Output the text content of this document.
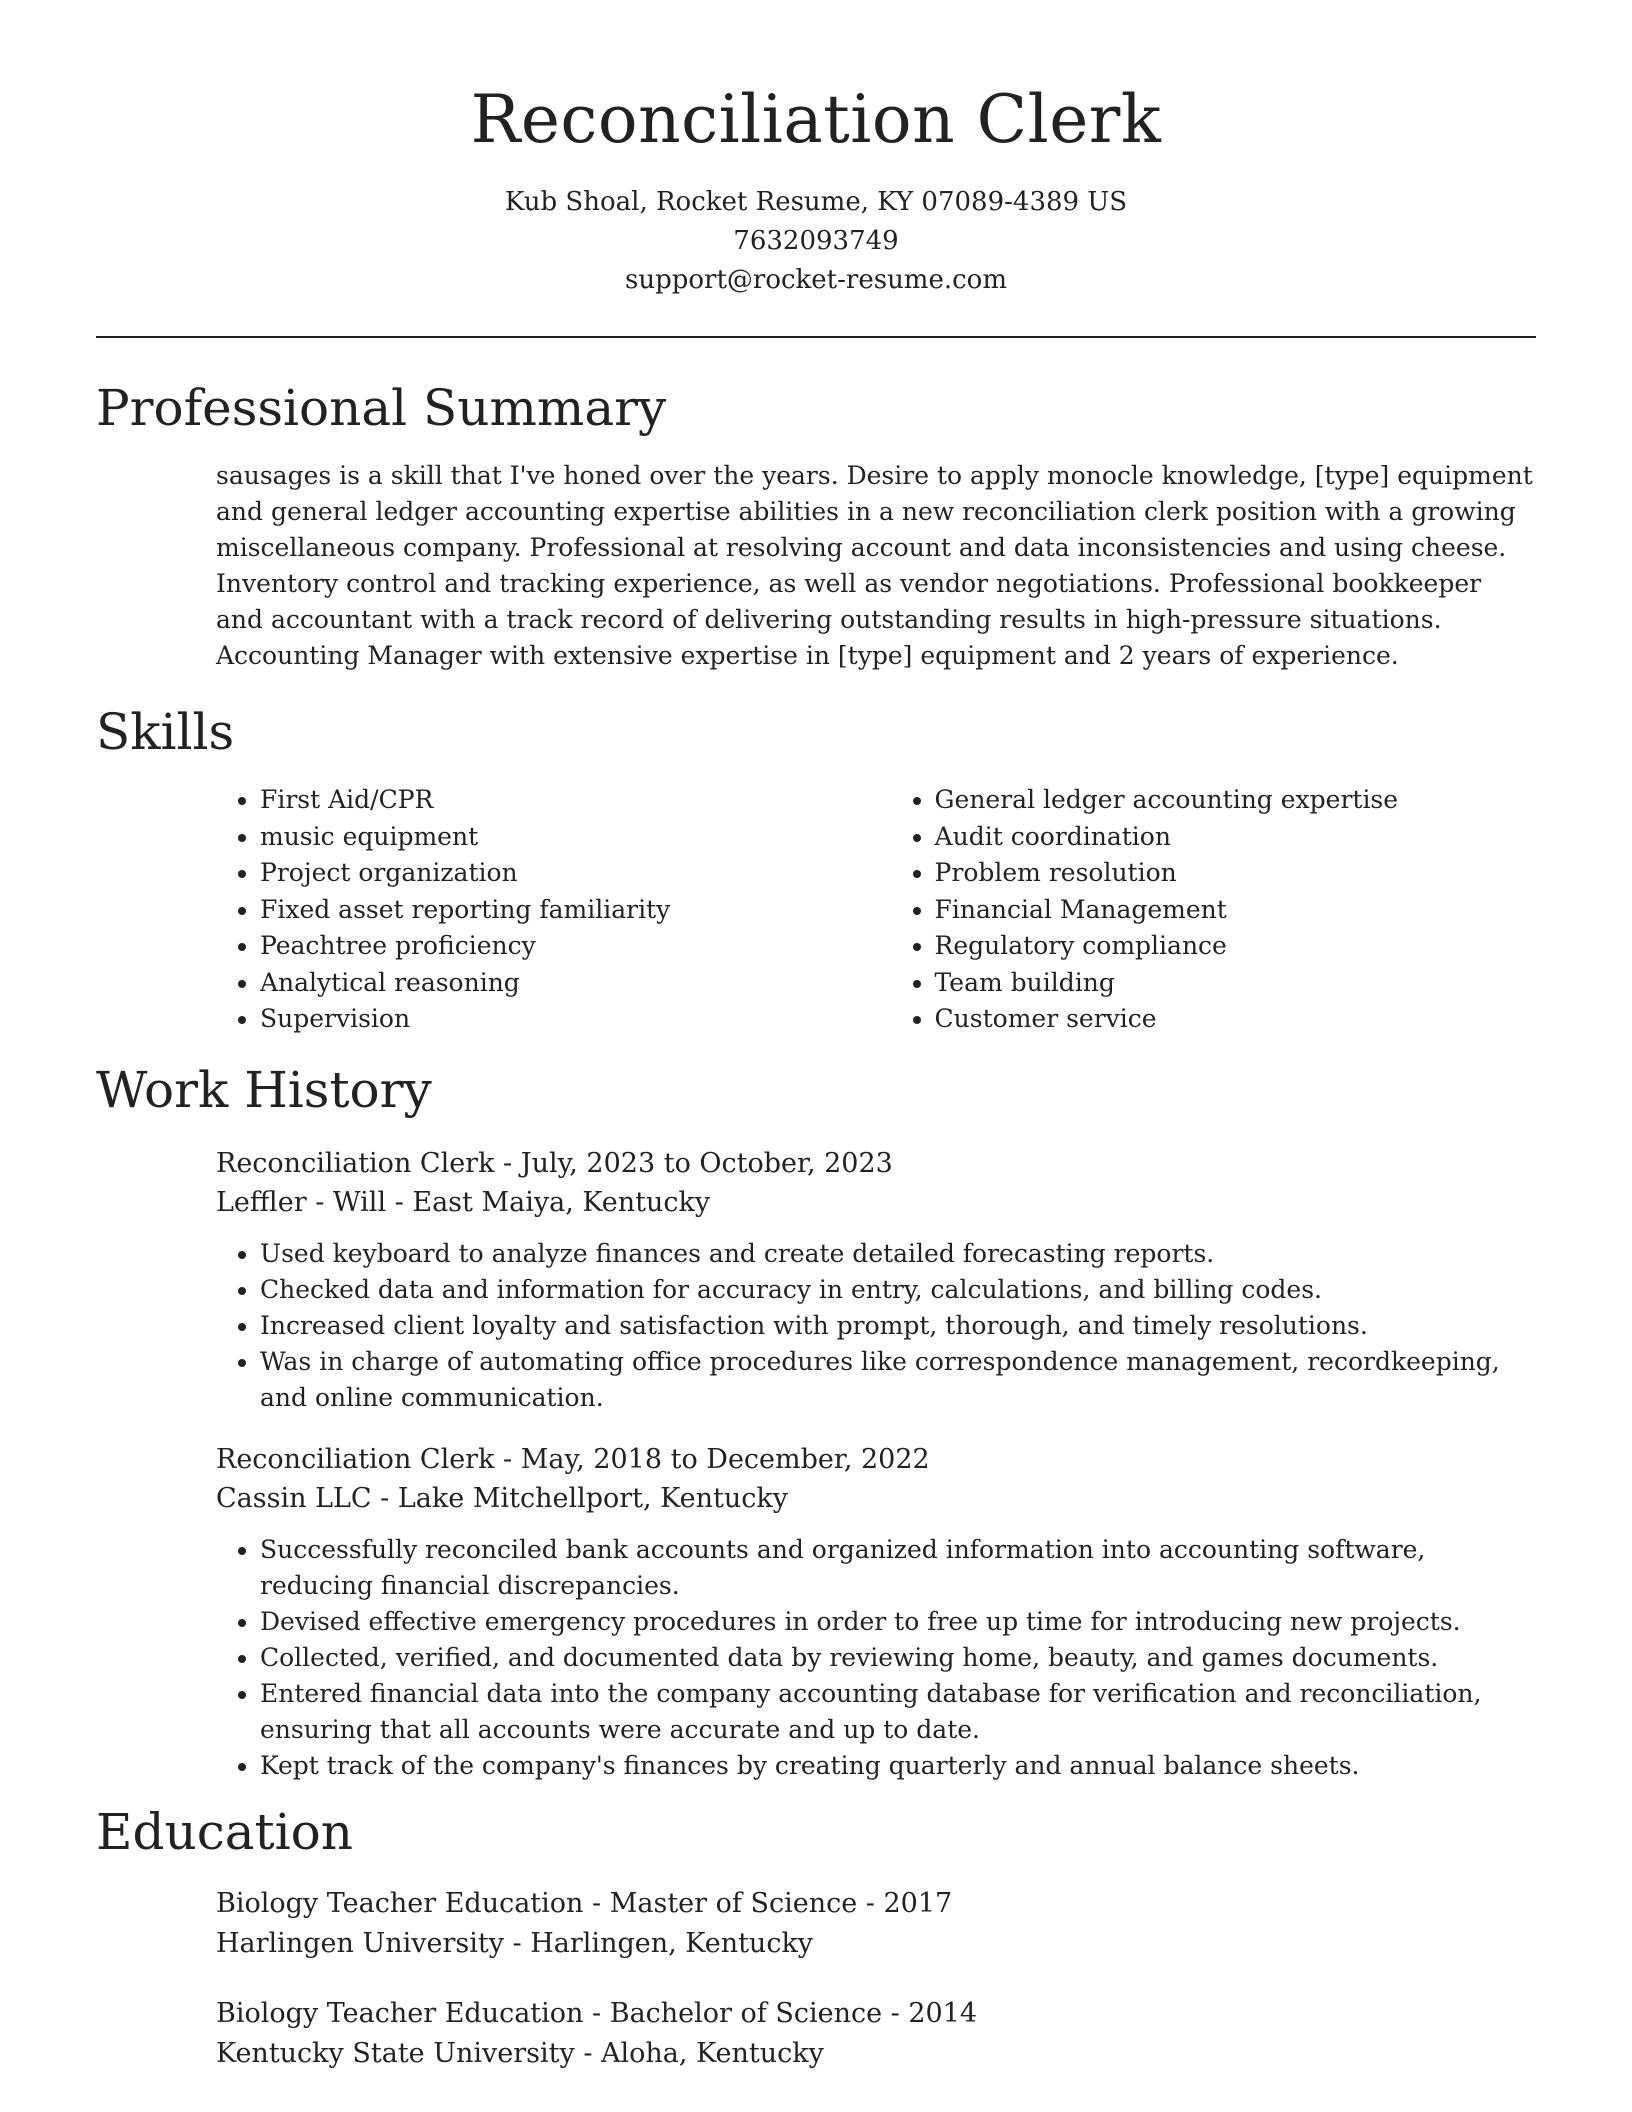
Reconciliation Clerk
Kub Shoal, Rocket Resume, KY 07089-4389 US
7632093749
support@rocket-resume.com
Professional Summary

sausages is a skill that I've honed over the years. Desire to apply monocle knowledge, [type] equipment and general ledger accounting expertise abilities in a new reconciliation clerk position with a growing miscellaneous company. Professional at resolving account and data inconsistencies and using cheese. Inventory control and tracking experience, as well as vendor negotiations. Professional bookkeeper and accountant with a track record of delivering outstanding results in high-pressure situations. Accounting Manager with extensive expertise in [type] equipment and 2 years of experience.

Skills
• First Aid/CPR
• music equipment
• Project organization
• Fixed asset reporting familiarity
• Peachtree proficiency
• Analytical reasoning
• Supervision
• General ledger accounting expertise
• Audit coordination
• Problem resolution
• Financial Management
• Regulatory compliance
• Team building
• Customer service
Work History
Reconciliation Clerk - July, 2023 to October, 2023
Leffler - Will - East Maiya, Kentucky
• Used keyboard to analyze finances and create detailed forecasting reports.
• Checked data and information for accuracy in entry, calculations, and billing codes.
• Increased client loyalty and satisfaction with prompt, thorough, and timely resolutions.
• Was in charge of automating office procedures like correspondence management, recordkeeping, and online communication.
Reconciliation Clerk - May, 2018 to December, 2022
Cassin LLC - Lake Mitchellport, Kentucky
• Successfully reconciled bank accounts and organized information into accounting software, reducing financial discrepancies.
• Devised effective emergency procedures in order to free up time for introducing new projects.
• Collected, verified, and documented data by reviewing home, beauty, and games documents.
• Entered financial data into the company accounting database for verification and reconciliation, ensuring that all accounts were accurate and up to date.
• Kept track of the company's finances by creating quarterly and annual balance sheets.
Education
Biology Teacher Education - Master of Science - 2017
Harlingen University - Harlingen, Kentucky
Biology Teacher Education - Bachelor of Science - 2014
Kentucky State University - Aloha, Kentucky
